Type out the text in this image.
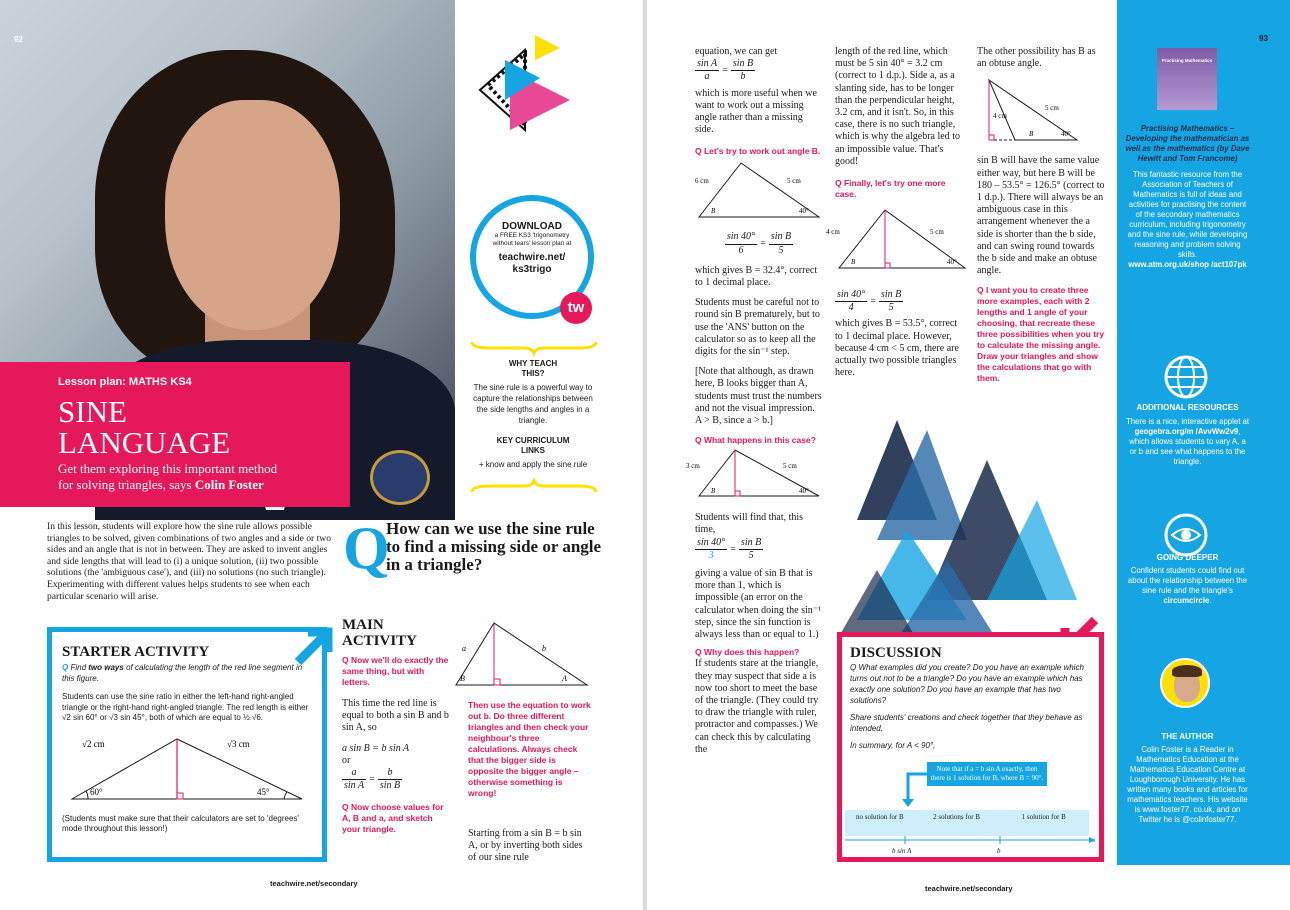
92
Lesson plan: MATHS KS4
SINE
LANGUAGE
Get them exploring this important method
for solving triangles, says Colin Foster
DOWNLOAD
a FREE KS3 'trigonometry without tears' lesson plan at
teachwire.net/ ks3trigo
tw
WHY TEACH THIS?
The sine rule is a powerful way to capture the relationships between the side lengths and angles in a triangle.
KEY CURRICULUM LINKS
+ know and apply the sine rule
In this lesson, students will explore how the sine rule allows possible triangles to be solved, given combinations of two angles and a side or two sides and an angle that is not in between. They are asked to invent angles and side lengths that will lead to (i) a unique solution, (ii) two possible solutions (the 'ambiguous case'), and (iii) no solutions (no such triangle). Experimenting with different values helps students to see when each particular scenario will arise.
Q
How can we use the sine rule to find a missing side or angle in a triangle?
STARTER ACTIVITY
Q Find two ways of calculating the length of the red line segment in this figure.
Students can use the sine ratio in either the left-hand right-angled triangle or the right-hand right-angled triangle. The red length is either √2 sin 60° or √3 sin 45°, both of which are equal to ½ √6.
√2 cm	√3 cm
60°	45°
(Students must make sure that their calculators are set to 'degrees' mode throughout this lesson!)
MAIN
ACTIVITY
Q Now we'll do exactly the same thing, but with letters.
This time the red line is equal to both a sin B and b sin A, so
a sin B = b sin A
or
$\frac{a}{\text{sin A}} = \frac{b}{\text{sin B}}$
Q Now choose values for A, B and a, and sketch your triangle.
a	b
B	A
Then use the equation to work out b. Do three different triangles and then check your neighbour's three calculations. Always check that the bigger side is opposite the bigger angle – otherwise something is wrong!
Starting from a sin B = b sin A, or by inverting both sides of our sine rule
teachwire.net/secondary
equation, we can get
$\frac{\text{sin A}}{a} = \frac{\text{sin B}}{b}$
which is more useful when we want to work out a missing angle rather than a missing side.
Q Let's try to work out angle B.
6 cm	5 cm
B	40°
$\frac{\sin 40^\circ}{6} = \frac{\text{sin B}}{5}$
which gives B = 32.4°, correct to 1 decimal place.
Students must be careful not to round sin B prematurely, but to use the 'ANS' button on the calculator so as to keep all the digits for the sin⁻¹ step.
[Note that although, as drawn here, B looks bigger than A, students must trust the numbers and not the visual impression. A > B, since a > b.]
Q What happens in this case?
3 cm	5 cm
B	40°
Students will find that, this time,
$\frac{\sin 40^\circ}{3} = \frac{\text{sin B}}{5}$
giving a value of sin B that is more than 1, which is impossible (an error on the calculator when doing the sin⁻¹ step, since the sin function is always less than or equal to 1.)
Q Why does this happen?
If students stare at the triangle, they may suspect that side a is now too short to meet the base of the triangle. (They could try to draw the triangle with ruler, protractor and compasses.) We can check this by calculating the
length of the red line, which must be 5 sin 40° = 3.2 cm (correct to 1 d.p.). Side a, as a slanting side, has to be longer than the perpendicular height, 3.2 cm, and it isn't. So, in this case, there is no such triangle, which is why the algebra led to an impossible value. That's good!
Q Finally, let's try one more case.
4 cm	5 cm
B	40°
$\frac{\sin 40^\circ}{4} = \frac{\text{sin B}}{5}$
which gives B = 53.5°, correct to 1 decimal place. However, because 4 cm < 5 cm, there are actually two possible triangles here.
The other possibility has B as an obtuse angle.
4 cm
5 cm
B	40°
sin B will have the same value either way, but here B will be 180 – 53.5° = 126.5° (correct to 1 d.p.). There will always be an ambiguous case in this arrangement whenever the a side is shorter than the b side, and can swing round towards the b side and make an obtuse angle.
Q I want you to create three more examples, each with 2 lengths and 1 angle of your choosing, that recreate these three possibilities when you try to calculate the missing angle. Draw your triangles and show the calculations that go with them.
DISCUSSION
Q What examples did you create? Do you have an example which turns out not to be a triangle? Do you have an example which has exactly one solution? Do you have an example that has two solutions?
Share students' creations and check together that they behave as intended.
In summary, for A < 90°,
Note that if a = b sin A exactly, then there is 1 solution for B, where B = 90°.
no solution for B	2 solutions for B	1 solution for B
a
b sin A	b
Practising Mathematics
Practising Mathematics – Developing the mathematician as well as the mathematics (by Dave Hewitt and Tom Francome)
This fantastic resource from the Association of Teachers of Mathematics is full of ideas and activities for practising the content of the secondary mathematics curriculum, including trigonometry and the sine rule, while developing reasoning and problem solving skills.
www.atm.org.uk/shop /act107pk
ADDITIONAL RESOURCES
There is a nice, interactive applet at geogebra.org/m /AvvWw2v9, which allows students to vary A, a or b and see what happens to the triangle.
GOING DEEPER
Confident students could find out about the relationship between the sine rule and the triangle's circumcircle.
THE AUTHOR
Colin Foster is a Reader in Mathematics Education at the Mathematics Education Centre at Loughborough University. He has written many books and articles for mathematics teachers. His website is www.foster77. co.uk, and on Twitter he is @colinfoster77.
93
teachwire.net/secondary
